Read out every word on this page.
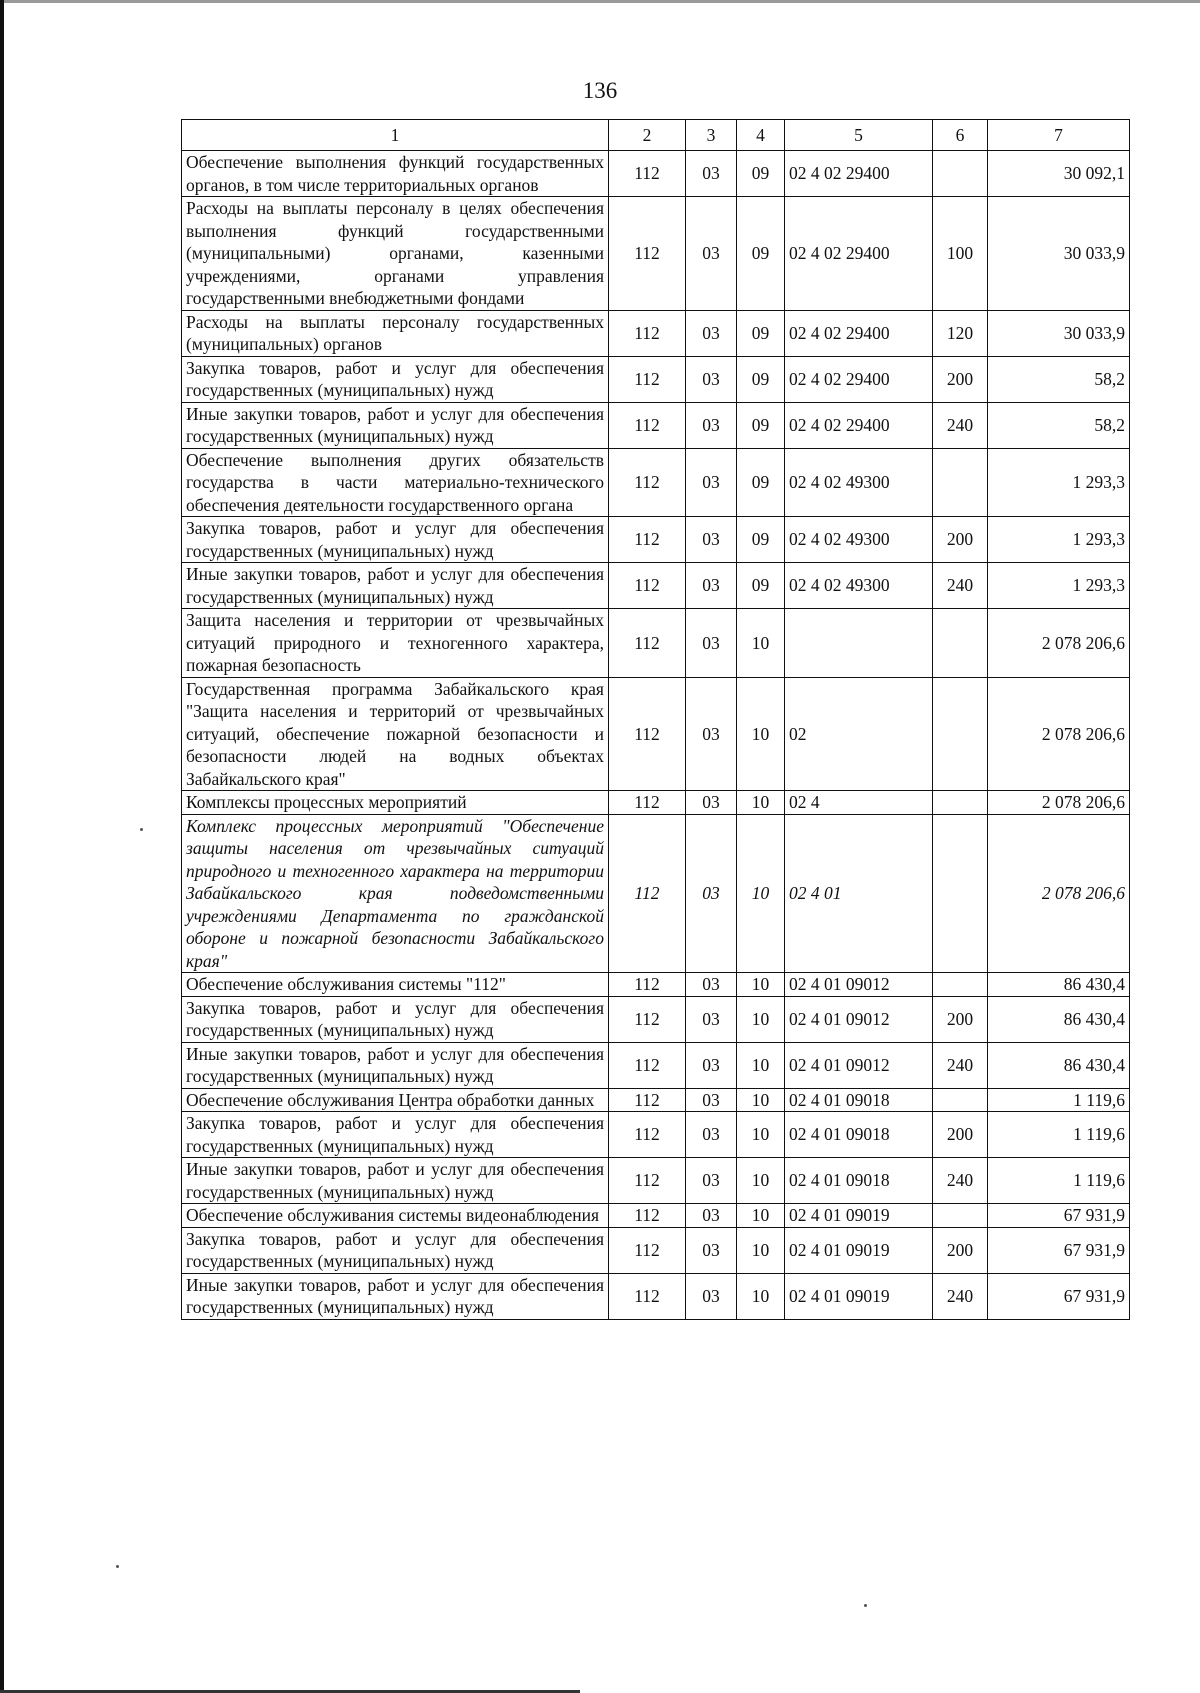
136
1	2	3	4	5	6	7
Обеспечение выполнения функций государственных органов, в том числе территориальных органов	112	03	09	02 4 02 29400		30 092,1
Расходы на выплаты персоналу в целях обеспечения выполнения функций государственными (муниципальными) органами, казенными учреждениями, органами управления государственными внебюджетными фондами	112	03	09	02 4 02 29400	100	30 033,9
Расходы на выплаты персоналу государственных (муниципальных) органов	112	03	09	02 4 02 29400	120	30 033,9
Закупка товаров, работ и услуг для обеспечения государственных (муниципальных) нужд	112	03	09	02 4 02 29400	200	58,2
Иные закупки товаров, работ и услуг для обеспечения государственных (муниципальных) нужд	112	03	09	02 4 02 29400	240	58,2
Обеспечение выполнения других обязательств государства в части материально-технического обеспечения деятельности государственного органа	112	03	09	02 4 02 49300		1 293,3
Закупка товаров, работ и услуг для обеспечения государственных (муниципальных) нужд	112	03	09	02 4 02 49300	200	1 293,3
Иные закупки товаров, работ и услуг для обеспечения государственных (муниципальных) нужд	112	03	09	02 4 02 49300	240	1 293,3
Защита населения и территории от чрезвычайных ситуаций природного и техногенного характера, пожарная безопасность	112	03	10			2 078 206,6
Государственная программа Забайкальского края "Защита населения и территорий от чрезвычайных ситуаций, обеспечение пожарной безопасности и безопасности людей на водных объектах Забайкальского края"	112	03	10	02		2 078 206,6
Комплексы процессных мероприятий	112	03	10	02 4		2 078 206,6
Комплекс процессных мероприятий "Обеспечение защиты населения от чрезвычайных ситуаций природного и техногенного характера на территории Забайкальского края подведомственными учреждениями Департамента по гражданской обороне и пожарной безопасности Забайкальского края"	112	03	10	02 4 01		2 078 206,6
Обеспечение обслуживания системы "112"	112	03	10	02 4 01 09012		86 430,4
Закупка товаров, работ и услуг для обеспечения государственных (муниципальных) нужд	112	03	10	02 4 01 09012	200	86 430,4
Иные закупки товаров, работ и услуг для обеспечения государственных (муниципальных) нужд	112	03	10	02 4 01 09012	240	86 430,4
Обеспечение обслуживания Центра обработки данных	112	03	10	02 4 01 09018		1 119,6
Закупка товаров, работ и услуг для обеспечения государственных (муниципальных) нужд	112	03	10	02 4 01 09018	200	1 119,6
Иные закупки товаров, работ и услуг для обеспечения государственных (муниципальных) нужд	112	03	10	02 4 01 09018	240	1 119,6
Обеспечение обслуживания системы видеонаблюдения	112	03	10	02 4 01 09019		67 931,9
Закупка товаров, работ и услуг для обеспечения государственных (муниципальных) нужд	112	03	10	02 4 01 09019	200	67 931,9
Иные закупки товаров, работ и услуг для обеспечения государственных (муниципальных) нужд	112	03	10	02 4 01 09019	240	67 931,9
